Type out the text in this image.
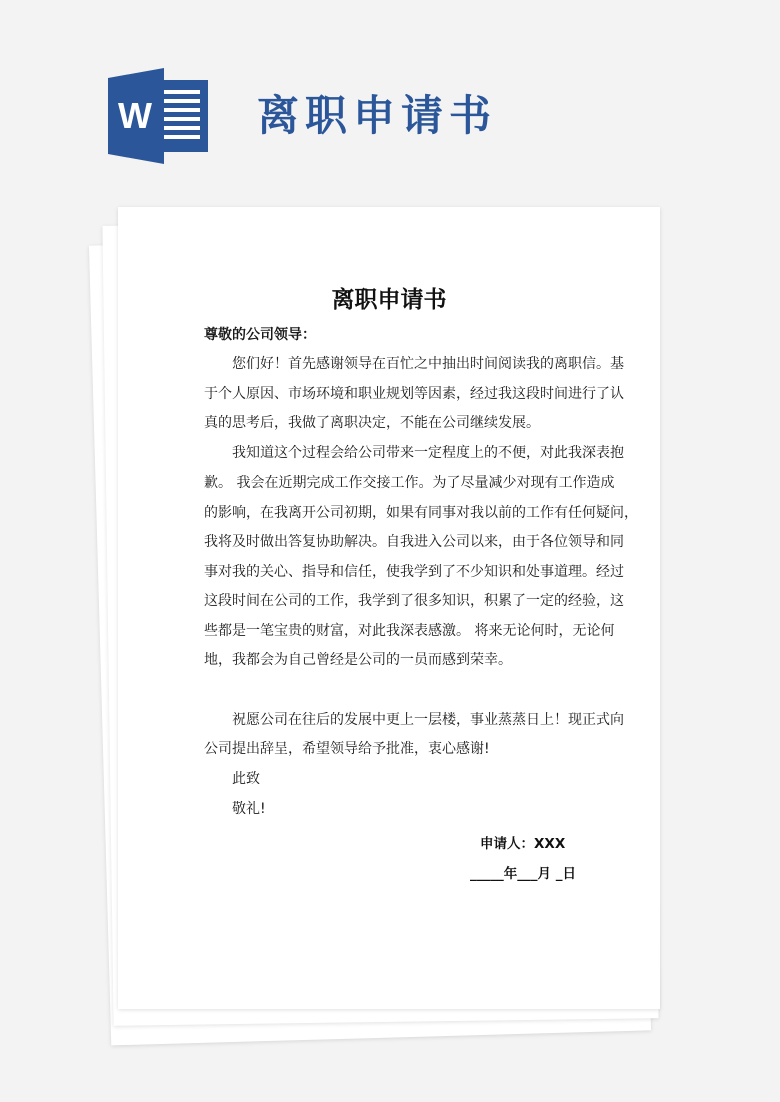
W	离职申请书
离职申请书
尊敬的公司领导：
您们好！首先感谢领导在百忙之中抽出时间阅读我的离职信。基
于个人原因、市场环境和职业规划等因素，经过我这段时间进行了认
真的思考后，我做了离职决定，不能在公司继续发展。
我知道这个过程会给公司带来一定程度上的不便，对此我深表抱
歉。 我会在近期完成工作交接工作。为了尽量减少对现有工作造成
的影响，在我离开公司初期，如果有同事对我以前的工作有任何疑问，
我将及时做出答复协助解决。自我进入公司以来，由于各位领导和同
事对我的关心、指导和信任，使我学到了不少知识和处事道理。经过
这段时间在公司的工作，我学到了很多知识，积累了一定的经验，这
些都是一笔宝贵的财富，对此我深表感激。 将来无论何时，无论何
地，我都会为自己曾经是公司的一员而感到荣幸。
祝愿公司在往后的发展中更上一层楼，事业蒸蒸日上！现正式向
公司提出辞呈，希望领导给予批准，衷心感谢!
此致
敬礼!
申请人：XXX
_____年___月 _日
